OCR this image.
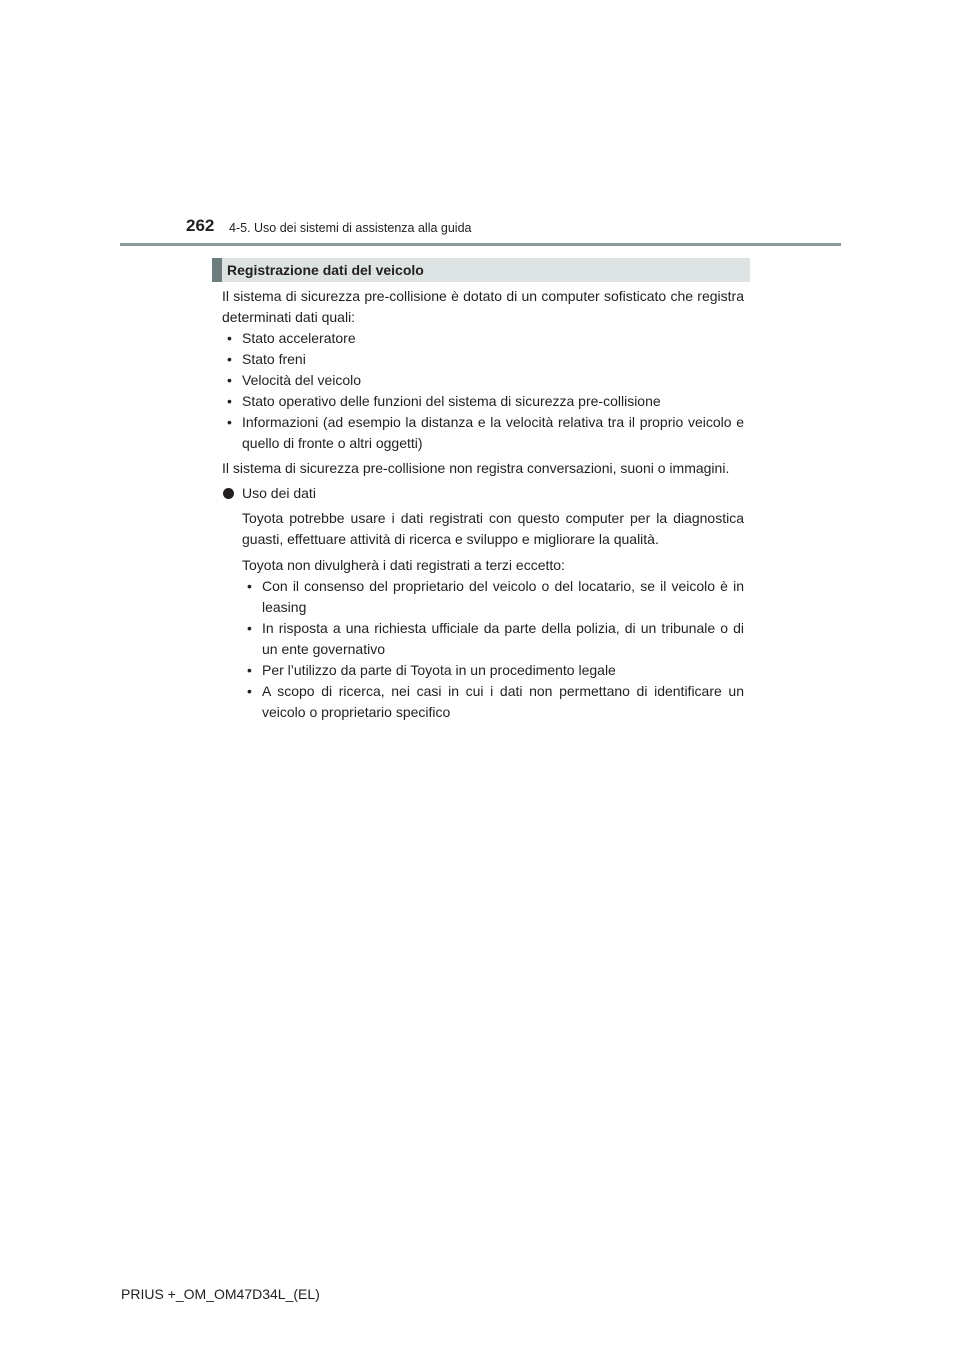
262 4-5. Uso dei sistemi di assistenza alla guida
Registrazione dati del veicolo

Il sistema di sicurezza pre-collisione è dotato di un computer sofisticato che registra determinati dati quali:

• Stato acceleratore
• Stato freni
• Velocità del veicolo
• Stato operativo delle funzioni del sistema di sicurezza pre-collisione
• Informazioni (ad esempio la distanza e la velocità relativa tra il proprio veicolo e quello di fronte o altri oggetti)

Il sistema di sicurezza pre-collisione non registra conversazioni, suoni o immagini.

Uso dei dati

Toyota potrebbe usare i dati registrati con questo computer per la diagnostica guasti, effettuare attività di ricerca e sviluppo e migliorare la qualità.

Toyota non divulgherà i dati registrati a terzi eccetto:

• Con il consenso del proprietario del veicolo o del locatario, se il veicolo è in leasing
• In risposta a una richiesta ufficiale da parte della polizia, di un tribunale o di un ente governativo
• Per l’utilizzo da parte di Toyota in un procedimento legale
• A scopo di ricerca, nei casi in cui i dati non permettano di identificare un veicolo o proprietario specifico
PRIUS +_OM_OM47D34L_(EL)
